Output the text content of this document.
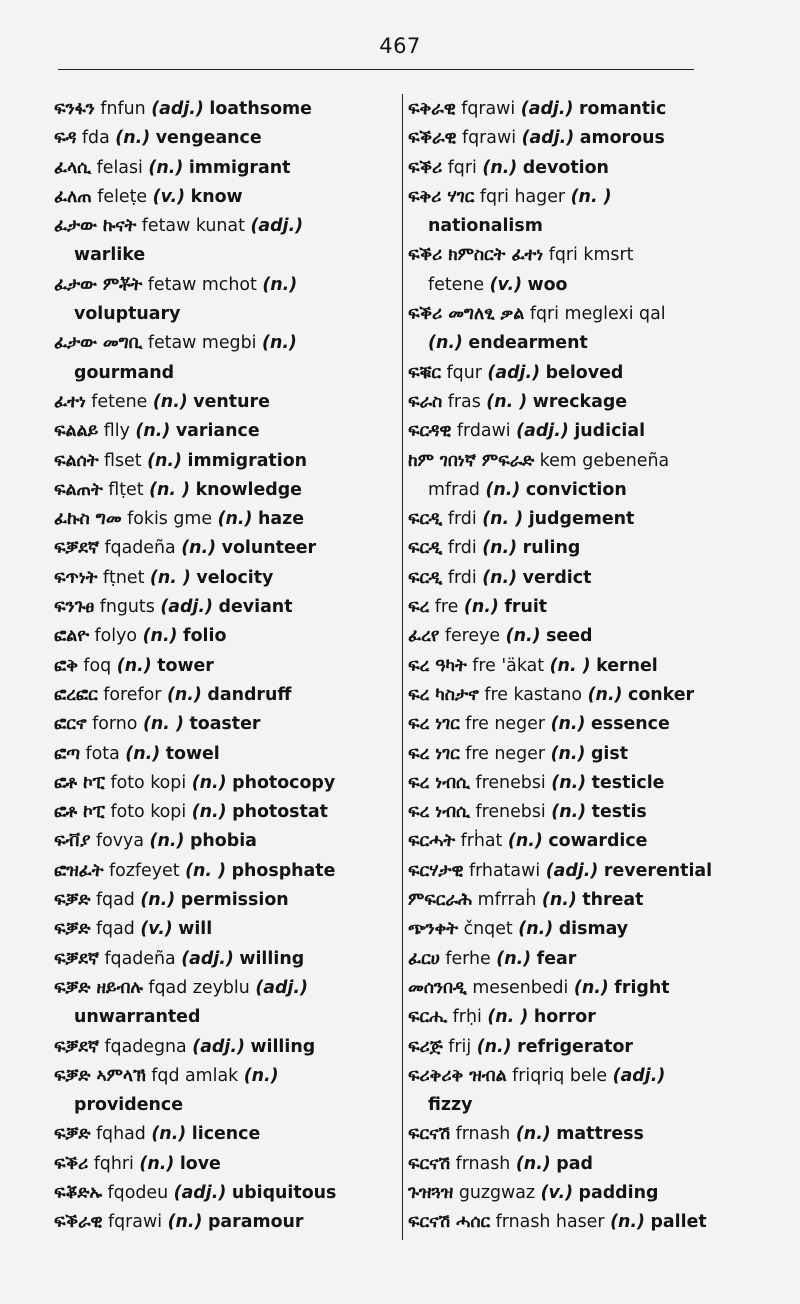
467
ፍንፋን fnfun (adj.) loathsome
ፍዳ fda (n.) vengeance
ፈላሲ felasi (n.) immigrant
ፈለጠ feleṭe (v.) know
ፈታው ኩናት fetaw kunat (adj.)
warlike
ፈታው ምቾት fetaw mchot (n.)
voluptuary
ፈታው መግቢ fetaw megbi (n.)
gourmand
ፈተነ fetene (n.) venture
ፍልልይ flly (n.) variance
ፍልሰት flset (n.) immigration
ፍልጠት flṭet (n. ) knowledge
ፈኩስ ግመ fokis gme (n.) haze
ፍቓደኛ fqadeña (n.) volunteer
ፍጥነት fṭnet (n. ) velocity
ፍንጉፀ fnguts (adj.) deviant
ፎልዮ folyo (n.) folio
ፎቅ foq (n.) tower
ፎረፎር forefor (n.) dandruff
ፎርኖ forno (n. ) toaster
ፎጣ fota (n.) towel
ፎቶ ኮፒ foto kopi (n.) photocopy
ፎቶ ኮፒ foto kopi (n.) photostat
ፍቭያ fovya (n.) phobia
ፎዝፈት fozfeyet (n. ) phosphate
ፍቓድ fqad (n.) permission
ፍቓድ fqad (v.) will
ፍቓደኛ fqadeña (adj.) willing
ፍቓድ ዘይብሉ fqad zeyblu (adj.)
unwarranted
ፍቓደኛ fqadegna (adj.) willing
ፍቓድ ኣምላኽ fqd amlak (n.)
providence
ፍቓድ fqhad (n.) licence
ፍቕሪ fqhri (n.) love
ፍቖድኡ fqodeu (adj.) ubiquitous
ፍቕራዊ fqrawi (n.) paramour
ፍቅራዊ fqrawi (adj.) romantic
ፍቕራዊ fqrawi (adj.) amorous
ፍቕሪ fqri (n.) devotion
ፍቅሪ ሃገር fqri hager (n. )
nationalism
ፍቕሪ ክምስርት ፈተነ fqri kmsrt
fetene (v.) woo
ፍቕሪ መግለፂ ቃል fqri meglexi qal
(n.) endearment
ፍቑር fqur (adj.) beloved
ፍራስ fras (n. ) wreckage
ፍርዳዊ frdawi (adj.) judicial
ከም ገበነኛ ምፍራድ kem gebeneña
mfrad (n.) conviction
ፍርዲ frdi (n. ) judgement
ፍርዲ frdi (n.) ruling
ፍርዲ frdi (n.) verdict
ፍረ fre (n.) fruit
ፈረየ fereye (n.) seed
ፍረ ዓካት fre 'äkat (n. ) kernel
ፍረ ካስታኖ fre kastano (n.) conker
ፍረ ነገር fre neger (n.) essence
ፍረ ነገር fre neger (n.) gist
ፍረ ነብሲ frenebsi (n.) testicle
ፍረ ነብሲ frenebsi (n.) testis
ፍርሓት frḣat (n.) cowardice
ፍርሃታዊ frhatawi (adj.) reverential
ምፍርራሕ mfrraḣ (n.) threat
ጭንቀት čnqet (n.) dismay
ፈርሀ ferhe (n.) fear
መሰንበዲ mesenbedi (n.) fright
ፍርሒ frḥi (n. ) horror
ፍሪጅ frij (n.) refrigerator
ፍሪቅሪቅ ዝብል friqriq bele (adj.)
fizzy
ፍርናሽ frnash (n.) mattress
ፍርናሽ frnash (n.) pad
ጉዝጓዝ guzgwaz (v.) padding
ፍርናሽ ሓሰር frnash haser (n.) pallet
